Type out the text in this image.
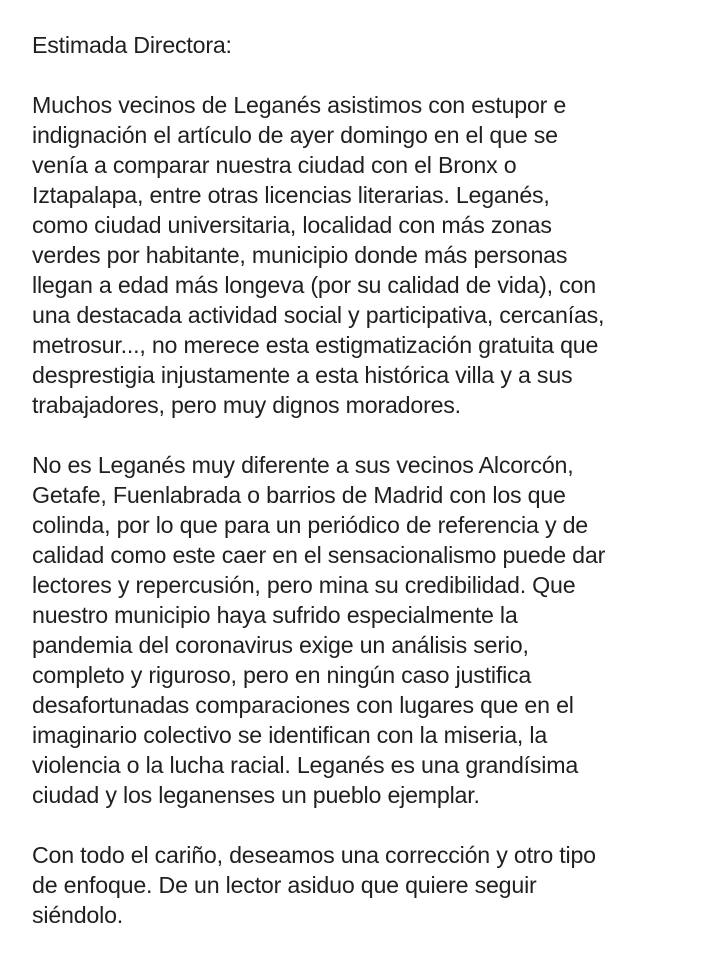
Estimada Directora:

Muchos vecinos de Leganés asistimos con estupor e
indignación el artículo de ayer domingo en el que se
venía a comparar nuestra ciudad con el Bronx o
Iztapalapa, entre otras licencias literarias. Leganés,
como ciudad universitaria, localidad con más zonas
verdes por habitante, municipio donde más personas
llegan a edad más longeva (por su calidad de vida), con
una destacada actividad social y participativa, cercanías,
metrosur..., no merece esta estigmatización gratuita que
desprestigia injustamente a esta histórica villa y a sus
trabajadores, pero muy dignos moradores.

No es Leganés muy diferente a sus vecinos Alcorcón,
Getafe, Fuenlabrada o barrios de Madrid con los que
colinda, por lo que para un periódico de referencia y de
calidad como este caer en el sensacionalismo puede dar
lectores y repercusión, pero mina su credibilidad. Que
nuestro municipio haya sufrido especialmente la
pandemia del coronavirus exige un análisis serio,
completo y riguroso, pero en ningún caso justifica
desafortunadas comparaciones con lugares que en el
imaginario colectivo se identifican con la miseria, la
violencia o la lucha racial. Leganés es una grandísima
ciudad y los leganenses un pueblo ejemplar.

Con todo el cariño, deseamos una corrección y otro tipo
de enfoque. De un lector asiduo que quiere seguir
siéndolo.
